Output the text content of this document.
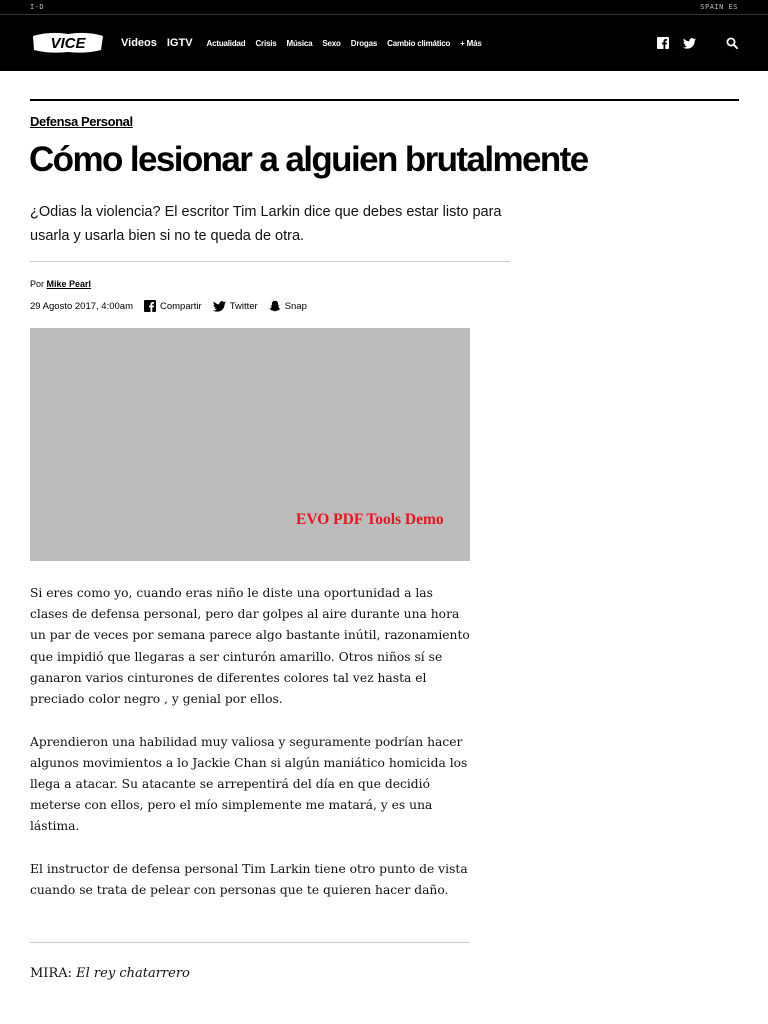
I-D	SPAIN ES
VICE	Videos IGTV Actualidad Crisis Música Sexo Drogas Cambio climático + Más
Defensa Personal
Cómo lesionar a alguien brutalmente
¿Odias la violencia? El escritor Tim Larkin dice que debes estar listo para usarla y usarla bien si no te queda de otra.
Por Mike Pearl
29 Agosto 2017, 4:00am	Compartir	Twitter	Snap
EVO PDF Tools Demo

Si eres como yo, cuando eras niño le diste una oportunidad a las clases de defensa personal, pero dar golpes al aire durante una hora un par de veces por semana parece algo bastante inútil, razonamiento que impidió que llegaras a ser cinturón amarillo. Otros niños sí se ganaron varios cinturones de diferentes colores tal vez hasta el preciado color negro , y genial por ellos.

Aprendieron una habilidad muy valiosa y seguramente podrían hacer algunos movimientos a lo Jackie Chan si algún maniático homicida los llega a atacar. Su atacante se arrepentirá del día en que decidió meterse con ellos, pero el mío simplemente me matará, y es una lástima.

El instructor de defensa personal Tim Larkin tiene otro punto de vista cuando se trata de pelear con personas que te quieren hacer daño.

MIRA: El rey chatarrero
